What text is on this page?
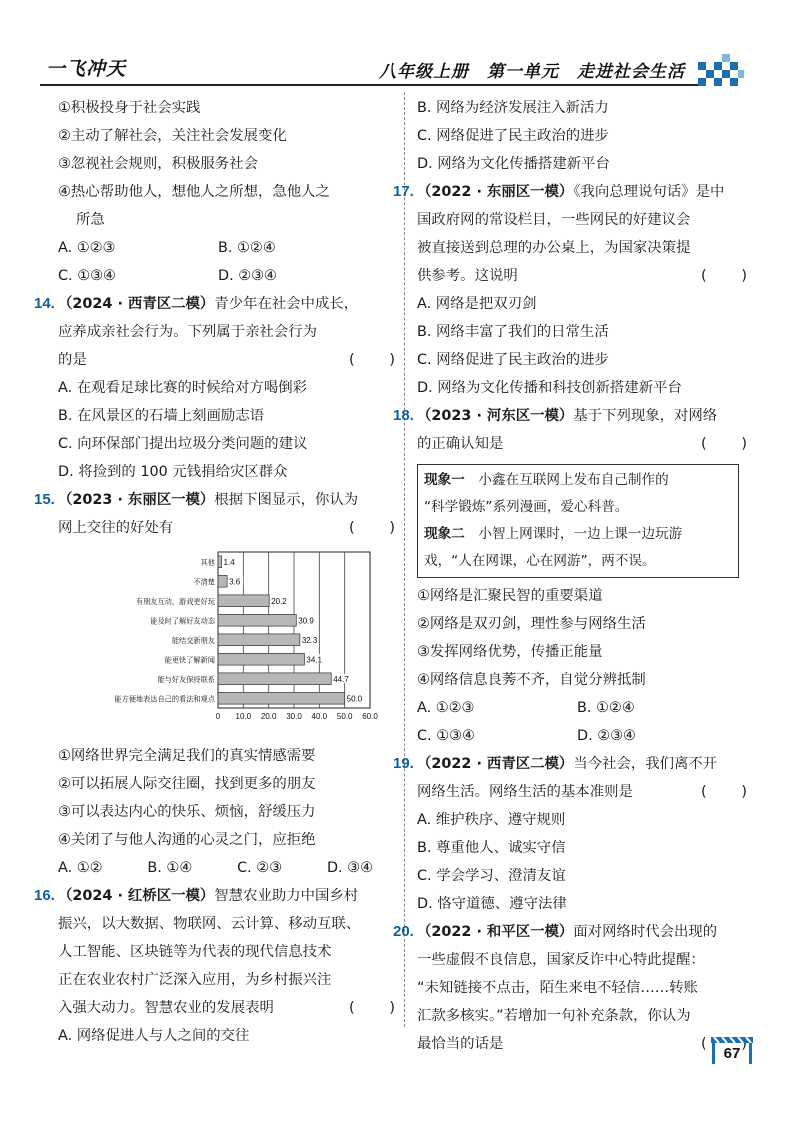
一飞冲天	八年级上册　第一单元　走进社会生活
①积极投身于社会实践
②主动了解社会，关注社会发展变化
③忽视社会规则，积极服务社会
④热心帮助他人，想他人之所想，急他人之
所急
A. ①②③	B. ①②④
C. ①③④	D. ②③④
14. （2024 · 西青区二模）青少年在社会中成长，
应养成亲社会行为。下列属于亲社会行为
的是
( )
A. 在观看足球比赛的时候给对方喝倒彩
B. 在风景区的石墙上刻画励志语
C. 向环保部门提出垃圾分类问题的建议
D. 将捡到的 100 元钱捐给灾区群众
15. （2023 · 东丽区一模）根据下图显示，你认为
网上交往的好处有
( )
0 10.0 20.0 30.0 40.0 50.0 60.0
其他 1.4
不清楚 3.6
有朋友互动，游戏更好玩	20.2
能及时了解好友动态	30.9
能结交新朋友	32.3
能更快了解新闻	34.1
能与好友保持联系	44.7
能方便地表达自己的看法和观点	50.0
①网络世界完全满足我们的真实情感需要
②可以拓展人际交往圈，找到更多的朋友
③可以表达内心的快乐、烦恼，舒缓压力
④关闭了与他人沟通的心灵之门，应拒绝
A. ①②	B. ①④	C. ②③	D. ③④
16. （2024 · 红桥区一模）智慧农业助力中国乡村
振兴，以大数据、物联网、云计算、移动互联、
人工智能、区块链等为代表的现代信息技术
正在农业农村广泛深入应用，为乡村振兴注
入强大动力。智慧农业的发展表明
( )
A. 网络促进人与人之间的交往
B. 网络为经济发展注入新活力
C. 网络促进了民主政治的进步
D. 网络为文化传播搭建新平台
17. （2022 · 东丽区一模）《我向总理说句话》是中
国政府网的常设栏目，一些网民的好建议会
被直接送到总理的办公桌上，为国家决策提
供参考。这说明
( )
A. 网络是把双刃剑
B. 网络丰富了我们的日常生活
C. 网络促进了民主政治的进步
D. 网络为文化传播和科技创新搭建新平台
18. （2023 · 河东区一模）基于下列现象，对网络
的正确认知是
( )
现象一　小鑫在互联网上发布自己制作的
“科学锻炼”系列漫画，爱心科普。
现象二　小智上网课时，一边上课一边玩游
戏，“人在网课，心在网游”，两不误。
①网络是汇聚民智的重要渠道
②网络是双刃剑，理性参与网络生活
③发挥网络优势，传播正能量
④网络信息良莠不齐，自觉分辨抵制
A. ①②③	B. ①②④
C. ①③④	D. ②③④
19. （2022 · 西青区二模）当今社会，我们离不开
网络生活。网络生活的基本准则是
( )
A. 维护秩序、遵守规则
B. 尊重他人、诚实守信
C. 学会学习、澄清友谊
D. 恪守道德、遵守法律
20. （2022 · 和平区一模）面对网络时代会出现的
一些虚假不良信息，国家反诈中心特此提醒：
“未知链接不点击，陌生来电不轻信……转账
汇款多核实。”若增加一句补充条款，你认为
最恰当的话是
( )
67
